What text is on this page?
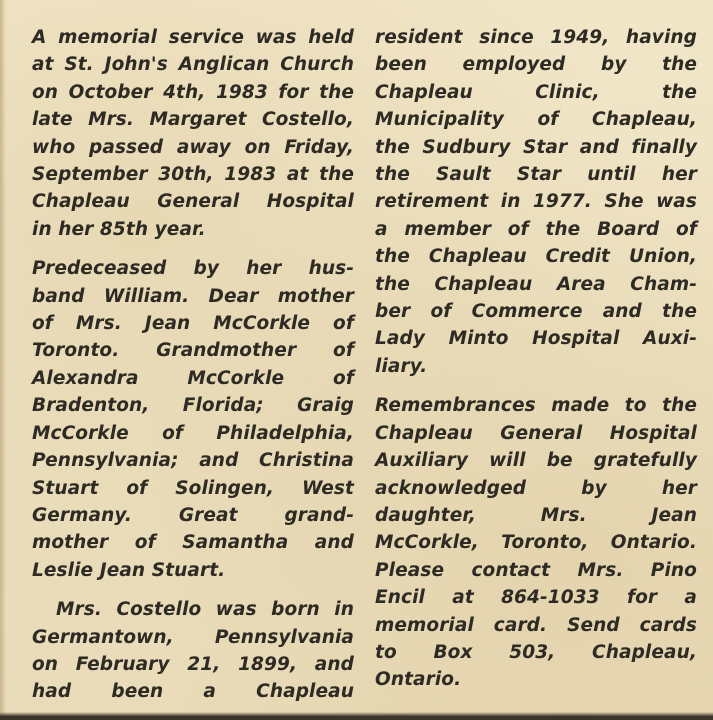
A memorial service was held
at St. John's Anglican Church
on October 4th, 1983 for the
late Mrs. Margaret Costello,
who passed away on Friday,
September 30th, 1983 at the
Chapleau General Hospital
in her 85th year.

Predeceased by her hus-
band William. Dear mother
of Mrs. Jean McCorkle of
Toronto. Grandmother of
Alexandra McCorkle of
Bradenton, Florida; Graig
McCorkle of Philadelphia,
Pennsylvania; and Christina
Stuart of Solingen, West
Germany. Great grand-
mother of Samantha and
Leslie Jean Stuart.

Mrs. Costello was born in
Germantown, Pennsylvania
on February 21, 1899, and
had been a Chapleau

resident since 1949, having
been employed by the
Chapleau Clinic, the
Municipality of Chapleau,
the Sudbury Star and finally
the Sault Star until her
retirement in 1977. She was
a member of the Board of
the Chapleau Credit Union,
the Chapleau Area Cham-
ber of Commerce and the
Lady Minto Hospital Auxi-
liary.

Remembrances made to the
Chapleau General Hospital
Auxiliary will be gratefully
acknowledged by her
daughter, Mrs. Jean
McCorkle, Toronto, Ontario.
Please contact Mrs. Pino
Encil at 864-1033 for a
memorial card. Send cards
to Box 503, Chapleau,
Ontario.
